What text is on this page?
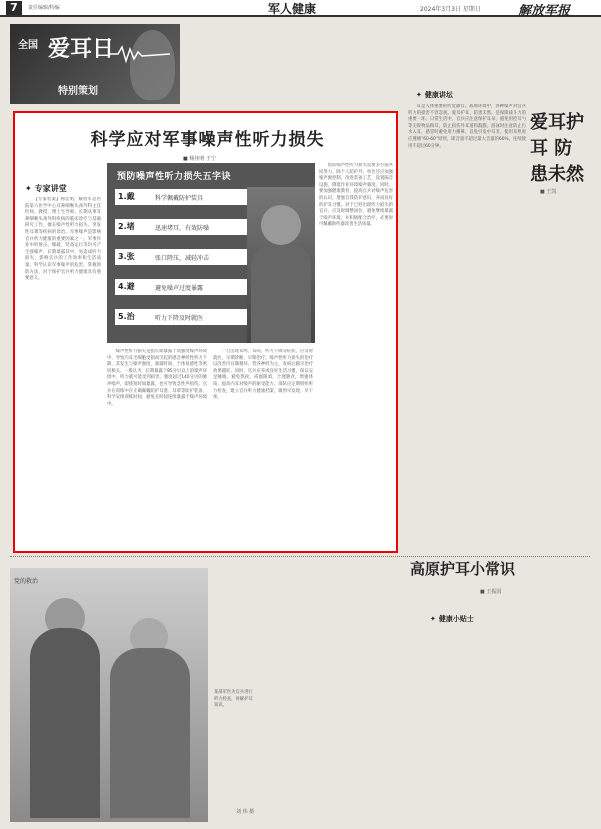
7	责任编辑/特编	军人健康	2024年3月3日 星期日	解放军报
全国 爱耳日
特别策划
科学应对军事噪声性听力损失
■ 杨佳明 于宁
✦ 专家讲堂

【专家档案】杨佳明，解放军总医院第六医学中心耳鼻咽喉头颈外科主任医师、教授、博士生导师。长期从事耳鼻咽喉头颈外科疾病的临床诊疗与基础研究工作，擅长噪声性听力损失、突发性耳聋等疾病的诊治。军事噪声是影响官兵听力健康的重要因素之一。军事作业中的射击、爆破、装备运行等均可产生强噪声，长期暴露其中，易造成听力损失，影响官兵的工作效率和生活质量。科学认识军事噪声的危害，掌握预防方法，对于保护官兵听力健康具有重要意义。

预防噪声性听力损失五字诀
1.戴	科学佩戴防护装具
2.堵	迅速堵耳，有效防噪
3.张	张口降压，减轻冲击
4.避	避免噪声过度暴露
5.治	听力下降及时就医

噪声性听力损失是指长期暴露于高强度噪声环境中，导致内耳毛细胞受损而引起的感音神经性听力下降。其发生与噪声强度、暴露时间、个体易感性等密切相关。一般认为，长期暴露于85分贝以上的噪声环境中，听力就可能受到损害。强度超过140分贝的脉冲噪声，即使短时间暴露，也可导致急性声损伤。官兵在训练中应正确佩戴防护耳塞、耳罩等防护装备，科学安排训练时间，避免长时间连续暴露于噪声环境中。

一旦出现耳鸣、耳闷、听力下降等症状，应及时就医，早期诊断、早期治疗。噪声性听力损失的治疗以改善内耳微循环、营养神经为主，发病后越早治疗效果越好。同时，官兵应养成良好生活习惯，保证充足睡眠，避免熬夜，戒烟限酒，合理膳食，增强体质，提高内耳对噪声的耐受能力。部队应定期组织听力检查，建立官兵听力健康档案，做到早发现、早干预。

预防噪声性听力损失需要多方面共同努力。除个人防护外，单位还应加强噪声源控制，改进装备工艺，设置隔音设施，降低作业环境噪声强度。同时，要加强健康教育，提高官兵对噪声危害的认识，增强自我防护意识，养成良好的护耳习惯。对于已经出现听力损失的官兵，应及时调整岗位，避免继续暴露于噪声环境，并积极配合治疗，必要时可佩戴助听器改善生活质量。

✦ 健康讲坛

耳是人体重要的听觉器官。战场环境中，各种噪声对官兵听力的损害不容忽视。爱耳护耳、防患未然，是保障战斗力的重要一环。日常生活中，官兵应注意保护耳朵，避免用挖耳勺等尖锐物品掏耳，防止损伤外耳道和鼓膜。游泳时注意防止污水入耳，感冒时避免用力擤鼻，以免引发中耳炎。使用耳机时应遵循“60-60”原则，即音量不超过最大音量的60%，连续使用不超过60分钟。

爱耳护耳 防患未然
■ 王凯
党的救治
某部军医为官兵进行听力检查，讲解护耳知识。
刘 伟 摄
高原护耳小常识
■ 王振国
✦ 健康小贴士
